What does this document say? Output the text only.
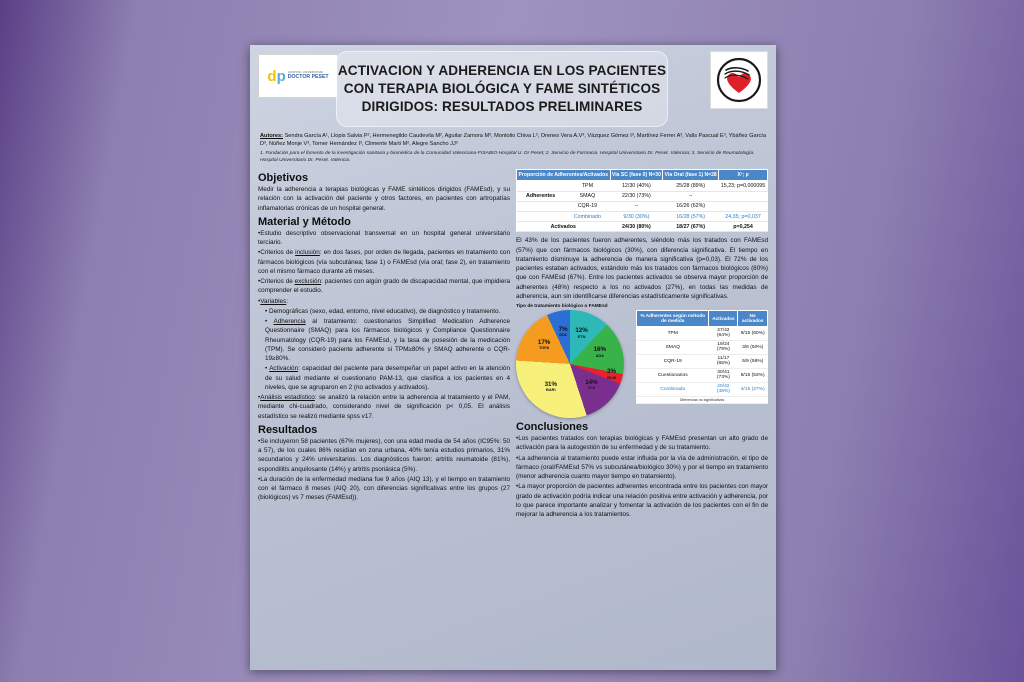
dp HOSPITAL UNIVERSITARI
DOCTOR PESET ACTIVACION Y ADHERENCIA EN LOS PACIENTES
CON TERAPIA BIOLÓGICA Y FAME SINTÉTICOS
DIRIGIDOS: RESULTADOS PRELIMINARES
Autores: Sendra García A¹, Llopis Salvia P², Hermenegildo Caudevila M², Aguilar Zamora M³, Montolio Chiva L³, Orenes Vera A.V³, Vázquez Gómez I³, Martínez Ferrer A³, Valls Pascual E³, Ybáñez García D³, Núñez Monje V³, Torner Hernández I³, Climente Marti M², Alegre Sancho JJ³
1. Fundación para el fomento de la investigación sanitaria y biomédica de la Comunidad Valenciana-FISABIO-Hospital U. Dr Peset; 2. Servicio de Farmacia. Hospital Universitario Dr. Peset. Valencia; 3. Servicio de Reumatología. Hospital Universitario Dr. Peset. Valencia.
Objetivos

Medir la adherencia a terapias biológicas y FAME sintéticos dirigidos (FAMEsd), y su relación con la activación del paciente y otros factores, en pacientes con artropatías inflamatorias crónicas de un hospital general.

Material y Método

•Estudio descriptivo observacional transversal en un hospital general universitario terciario.

•Criterios de inclusión: en dos fases, por orden de llegada, pacientes en tratamiento con fármacos biológicos (vía subcutánea; fase 1) o FAMEsd (vía oral; fase 2), en tratamiento con el mismo fármaco durante ≥6 meses.

•Criterios de exclusión: pacientes con algún grado de discapacidad mental, que impidiera comprender el estudio.

•Variables:

• Demográficas (sexo, edad, entorno, nivel educativo), de diagnóstico y tratamiento.

• Adherencia al tratamiento: cuestionarios Simplified Medication Adherence Questionnaire (SMAQ) para los fármacos biológicos y Compliance Questionnaire Rheumatology (CQR-19) para los FAMEsd, y la tasa de posesión de la medicación (TPM). Se consideró paciente adherente si TPM≥80% y SMAQ adherente o CQR-19≥80%.

• Activación: capacidad del paciente para desempeñar un papel activo en la atención de su salud mediante el cuestionario PAM-13, que clasifica a los pacientes en 4 niveles, que se agruparon en 2 (no activados y activados).

•Análisis estadístico: se analizó la relación entre la adherencia al tratamiento y el PAM, mediante chi-cuadrado, considerando nivel de significación p< 0,05. El análisis estadístico se realizó mediante spss v17.

Resultados

•Se incluyeron 58 pacientes (67% mujeres), con una edad media de 54 años (IC95%: 50 a 57), de los cuales 86% residían en zona urbana, 40% tenía estudios primarios, 31% secundarios y 24% universitarios. Los diagnósticos fueron: artritis reumatoide (81%), espondilitis anquilosante (14%) y artritis psoriásica (5%).

•La duración de la enfermedad mediana fue 9 años (AIQ 13), y el tiempo en tratamiento con el fármaco 8 meses (AIQ 20), con diferencias significativas entre los grupos (27 (biológicos) vs 7 meses (FAMEsd)).

Proporción de Adherentes/Activados		Vía SC (fase 0) N=30	Vía Oral (fase 1) N=28	X²; p
	TPM	12/30 (40%)	25/28 (89%)	15,23; p=0,000095
Adherentes	SMAQ	22/30 (73%)	--	
	CQR-19	--	16/26 (62%)	
	Combinado	9/30 (30%)	16/28 (57%)	24,35; p=0,037
Activados		24/30 (80%)	18/27 (67%)	p=0,254

El 43% de los pacientes fueron adherentes, siéndolo más los tratados con FAMEsd (57%) que con fármacos biológicos (30%), con diferencia significativa. El tiempo en tratamiento disminuye la adherencia de manera significativa (p=0,03). El 72% de los pacientes estaban activados, estándolo más los tratados con fármacos biológicos (80%) que con FAMEsd (67%). Entre los pacientes activados se observa mayor proporción de adherentes (48%) respecto a los no activados (27%), en todas las medidas de adherencia, aun sin identificarse diferencias estadísticamente significativas.

Tipo de tratamiento biológico o FAMEsd
12%
ETN
16%
ADA
3%
GLM
14%
TCZ
31%
BARI
17%
TOFA
7%
GOL
% Adherentes según método de medida	Activados	No activados
TPM	27/42 (64%)	9/15 (60%)
SMAQ	19/24 (79%)	3/6 (50%)
CQR-19	11/17 (65%)	5/9 (56%)
Cuestionarios	30/41 (73%)	8/15 (53%)
Combinado	20/42 (48%)	4/15 (27%)
Diferencias no significativas		
Conclusiones

•Los pacientes tratados con terapias biológicas y FAMEsd presentan un alto grado de activación para la autogestión de su enfermedad y de su tratamiento.

•La adherencia al tratamiento puede estar influida por la vía de administración, el tipo de fármaco (oral/FAMEsd 57% vs subcutánea/biológico 30%) y por el tiempo en tratamiento (menor adherencia cuanto mayor tiempo en tratamiento).

•La mayor proporción de pacientes adherentes encontrada entre los pacientes con mayor grado de activación podría indicar una relación positiva entre activación y adherencia, por lo que parece importante analizar y fomentar la activación de los pacientes con el fin de mejorar la adherencia a los tratamientos.
